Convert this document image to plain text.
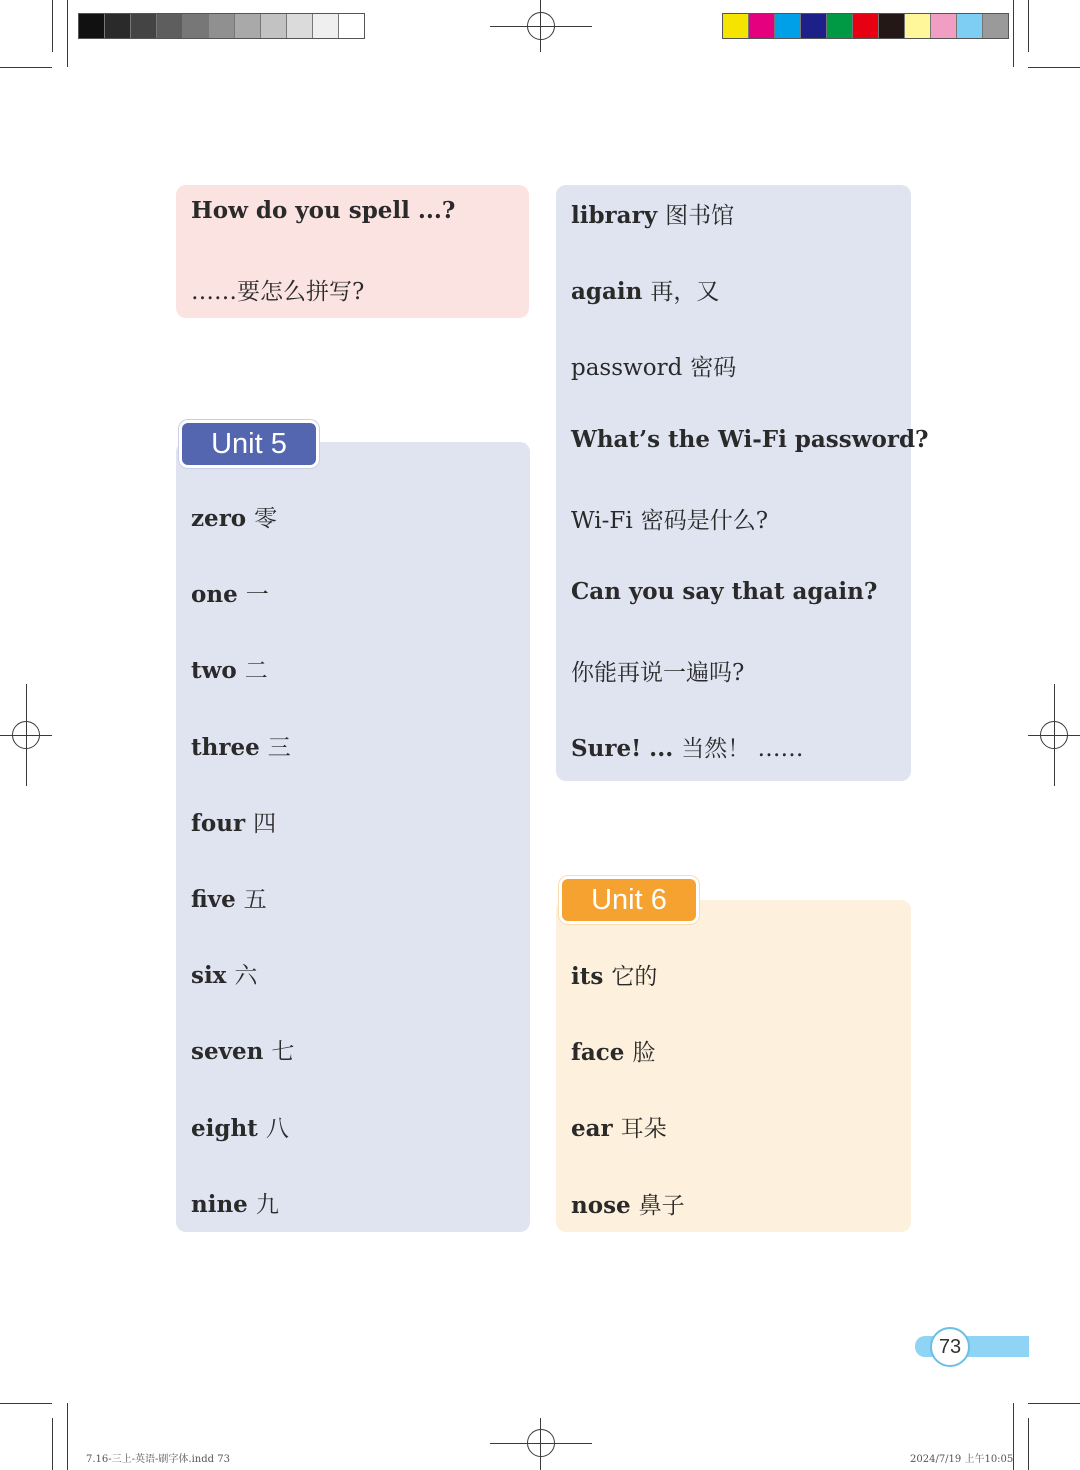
How do you spell ...?
……要怎么拼写?
zero 零
one 一
two 二
three 三
four 四
five 五
six 六
seven 七
eight 八
nine 九
Unit 5
library 图书馆
again 再，又
password 密码
What’s the Wi-Fi password?
Wi-Fi 密码是什么?
Can you say that again?
你能再说一遍吗?
Sure! ... 当然！ ……
its 它的
face 脸
ear 耳朵
nose 鼻子
Unit 6
73
7.16-三上-英语-刷字体.indd 73	2024/7/19 上午10:05
